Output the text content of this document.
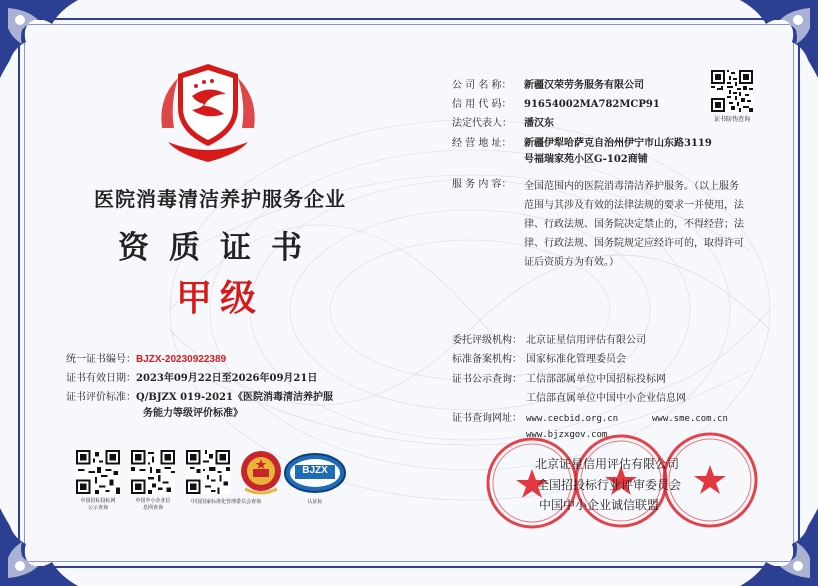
医院消毒清洁养护服务企业
资质证书
甲级
公 司 名 称： 新疆汉荣劳务服务有限公司
信 用 代 码： 91654002MA782MCP91
法定代表人： 潘汉东
经 营 地 址： 新疆伊犁哈萨克自治州伊宁市山东路3119
号福瑞家苑小区G-102商铺
服 务 内 容： 全国范围内的医院消毒清洁养护服务。（以上服务
范围与其涉及有效的法律法规的要求一并使用，法
律、行政法规、国务院决定禁止的，不得经营；法
律、行政法规、国务院规定应经许可的，取得许可
证后资质方为有效。）
证书防伪查询
统一证书编号：BJZX-20230922389
证书有效日期：2023年09月22日至2026年09月21日
证书评价标准：Q/BJZX 019-2021《医院消毒清洁养护服
务能力等级评价标准》
委托评级机构： 北京证星信用评估有限公司
标准备案机构： 国家标准化管理委员会
证书公示查询： 工信部部属单位中国招标投标网
工信部直属单位中国中小企业信息网
证书查询网址： www.cecbid.org.cn	www.sme.com.cn
www.bjzxgov.com
BJZX
中国招标投标网
公示查询
中国中小企业信
息网查询
中国国家标准化管理委员会查询	认证标
北京证星信用评估有限公司
全国招投标行业评审委员会
中国中小企业诚信联盟
